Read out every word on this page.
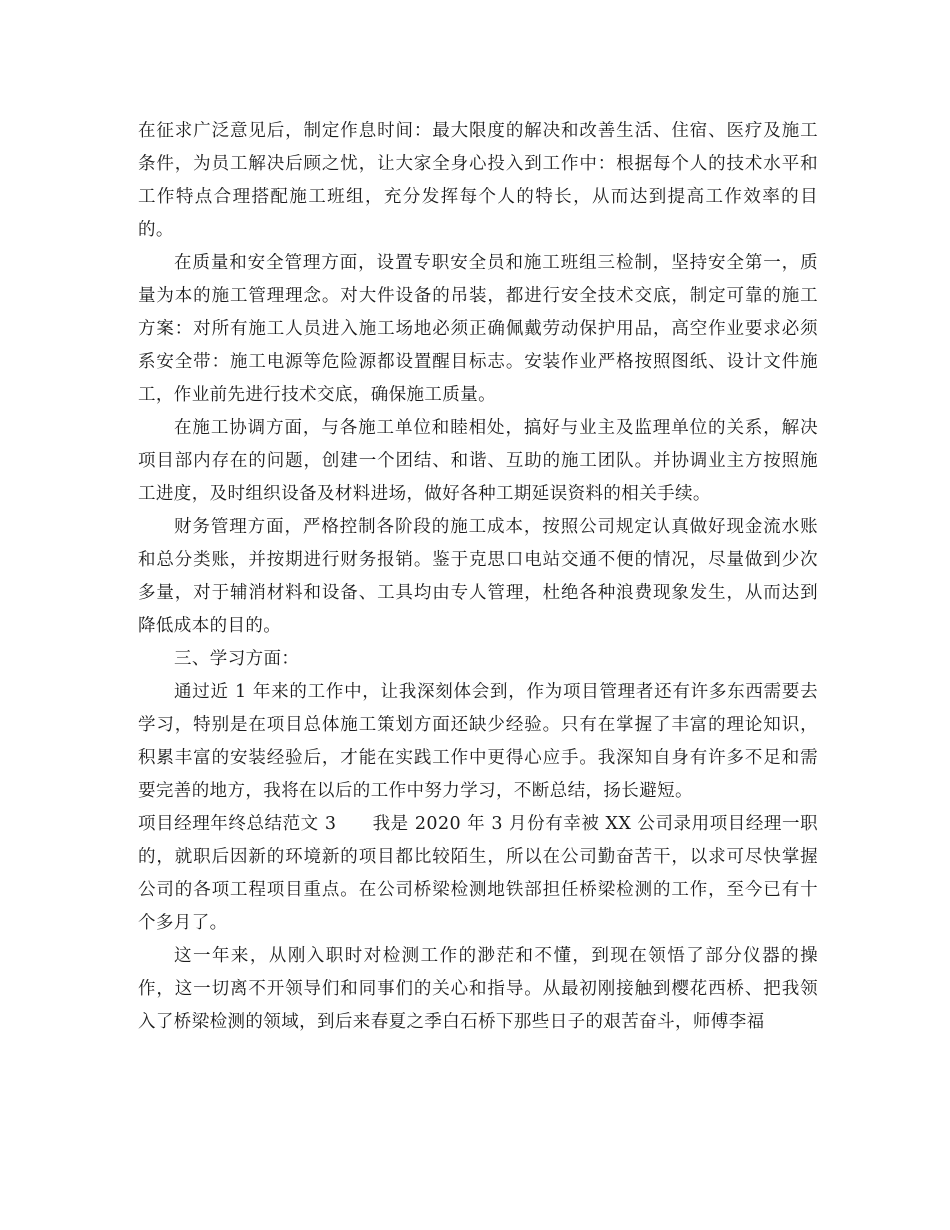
在征求广泛意见后，制定作息时间：最大限度的解决和改善生活、住宿、医疗及施工条件，为员工解决后顾之忧，让大家全身心投入到工作中：根据每个人的技术水平和工作特点合理搭配施工班组，充分发挥每个人的特长，从而达到提高工作效率的目的。

在质量和安全管理方面，设置专职安全员和施工班组三检制，坚持安全第一，质量为本的施工管理理念。对大件设备的吊装，都进行安全技术交底，制定可靠的施工方案：对所有施工人员进入施工场地必须正确佩戴劳动保护用品，高空作业要求必须系安全带：施工电源等危险源都设置醒目标志。安装作业严格按照图纸、设计文件施工，作业前先进行技术交底，确保施工质量。

在施工协调方面，与各施工单位和睦相处，搞好与业主及监理单位的关系，解决项目部内存在的问题，创建一个团结、和谐、互助的施工团队。并协调业主方按照施工进度，及时组织设备及材料进场，做好各种工期延误资料的相关手续。

财务管理方面，严格控制各阶段的施工成本，按照公司规定认真做好现金流水账和总分类账，并按期进行财务报销。鉴于克思口电站交通不便的情况，尽量做到少次多量，对于辅消材料和设备、工具均由专人管理，杜绝各种浪费现象发生，从而达到降低成本的目的。

三、学习方面：

通过近 1 年来的工作中，让我深刻体会到，作为项目管理者还有许多东西需要去学习，特别是在项目总体施工策划方面还缺少经验。只有在掌握了丰富的理论知识，积累丰富的安装经验后，才能在实践工作中更得心应手。我深知自身有许多不足和需要完善的地方，我将在以后的工作中努力学习，不断总结，扬长避短。

项目经理年终总结范文 3 我是 2020 年 3 月份有幸被 XX 公司录用项目经理一职的，就职后因新的环境新的项目都比较陌生，所以在公司勤奋苦干，以求可尽快掌握公司的各项工程项目重点。在公司桥梁检测地铁部担任桥梁检测的工作，至今已有十个多月了。

这一年来，从刚入职时对检测工作的渺茫和不懂，到现在领悟了部分仪器的操作，这一切离不开领导们和同事们的关心和指导。从最初刚接触到樱花西桥、把我领入了桥梁检测的领域，到后来春夏之季白石桥下那些日子的艰苦奋斗，师傅李福
